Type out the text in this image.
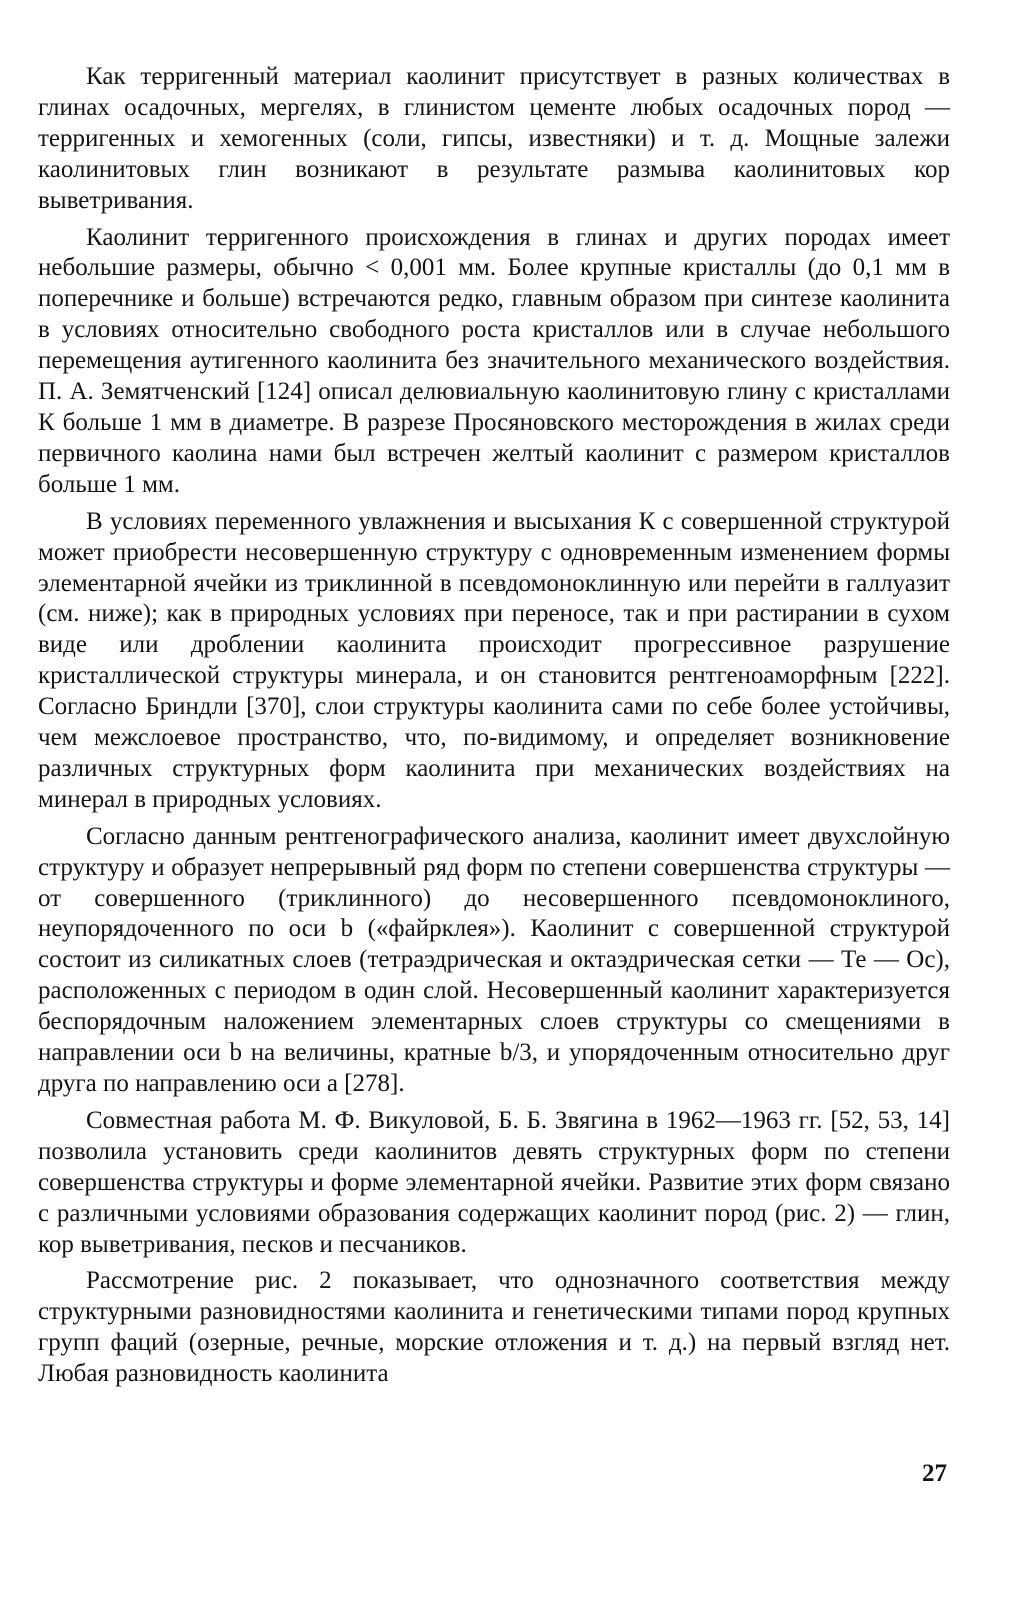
Как терригенный материал каолинит присутствует в разных количествах в глинах осадочных, мергелях, в глинистом цементе любых осадочных пород — терригенных и хемогенных (соли, гипсы, известняки) и т. д. Мощные залежи каолинитовых глин возникают в результате размыва каолинитовых кор выветривания.

Каолинит терригенного происхождения в глинах и других породах имеет небольшие размеры, обычно < 0,001 мм. Более крупные кристаллы (до 0,1 мм в поперечнике и больше) встречаются редко, главным образом при синтезе каолинита в условиях относительно свободного роста кристаллов или в случае небольшого перемещения аутигенного каолинита без значительного механического воздействия. П. А. Земятченский [124] описал делювиальную каолинитовую глину с кристаллами К больше 1 мм в диаметре. В разрезе Просяновского месторождения в жилах среди первичного каолина нами был встречен желтый каолинит с размером кристаллов больше 1 мм.

В условиях переменного увлажнения и высыхания К с совершенной структурой может приобрести несовершенную структуру с одновременным изменением формы элементарной ячейки из триклинной в псевдомоноклинную или перейти в галлуазит (см. ниже); как в природных условиях при переносе, так и при растирании в сухом виде или дроблении каолинита происходит прогрессивное разрушение кристаллической структуры минерала, и он становится рентгеноаморфным [222]. Согласно Бриндли [370], слои структуры каолинита сами по себе более устойчивы, чем межслоевое пространство, что, по-видимому, и определяет возникновение различных структурных форм каолинита при механических воздействиях на минерал в природных условиях.

Согласно данным рентгенографического анализа, каолинит имеет двухслойную структуру и образует непрерывный ряд форм по степени совершенства структуры — от совершенного (триклинного) до несовершенного псевдомоноклиного, неупорядоченного по оси b («файрклея»). Каолинит с совершенной структурой состоит из силикатных слоев (тетраэдрическая и октаэдрическая сетки — Те — Ос), расположенных с периодом в один слой. Несовершенный каолинит характеризуется беспорядочным наложением элементарных слоев структуры со смещениями в направлении оси b на величины, кратные b/3, и упорядоченным относительно друг друга по направлению оси a [278].

Совместная работа М. Ф. Викуловой, Б. Б. Звягина в 1962—1963 гг. [52, 53, 14] позволила установить среди каолинитов девять структурных форм по степени совершенства структуры и форме элементарной ячейки. Развитие этих форм связано с различными условиями образования содержащих каолинит пород (рис. 2) — глин, кор выветривания, песков и песчаников.

Рассмотрение рис. 2 показывает, что однозначного соответствия между структурными разновидностями каолинита и генетическими типами пород крупных групп фаций (озерные, речные, морские отложения и т. д.) на первый взгляд нет. Любая разновидность каолинита

27
